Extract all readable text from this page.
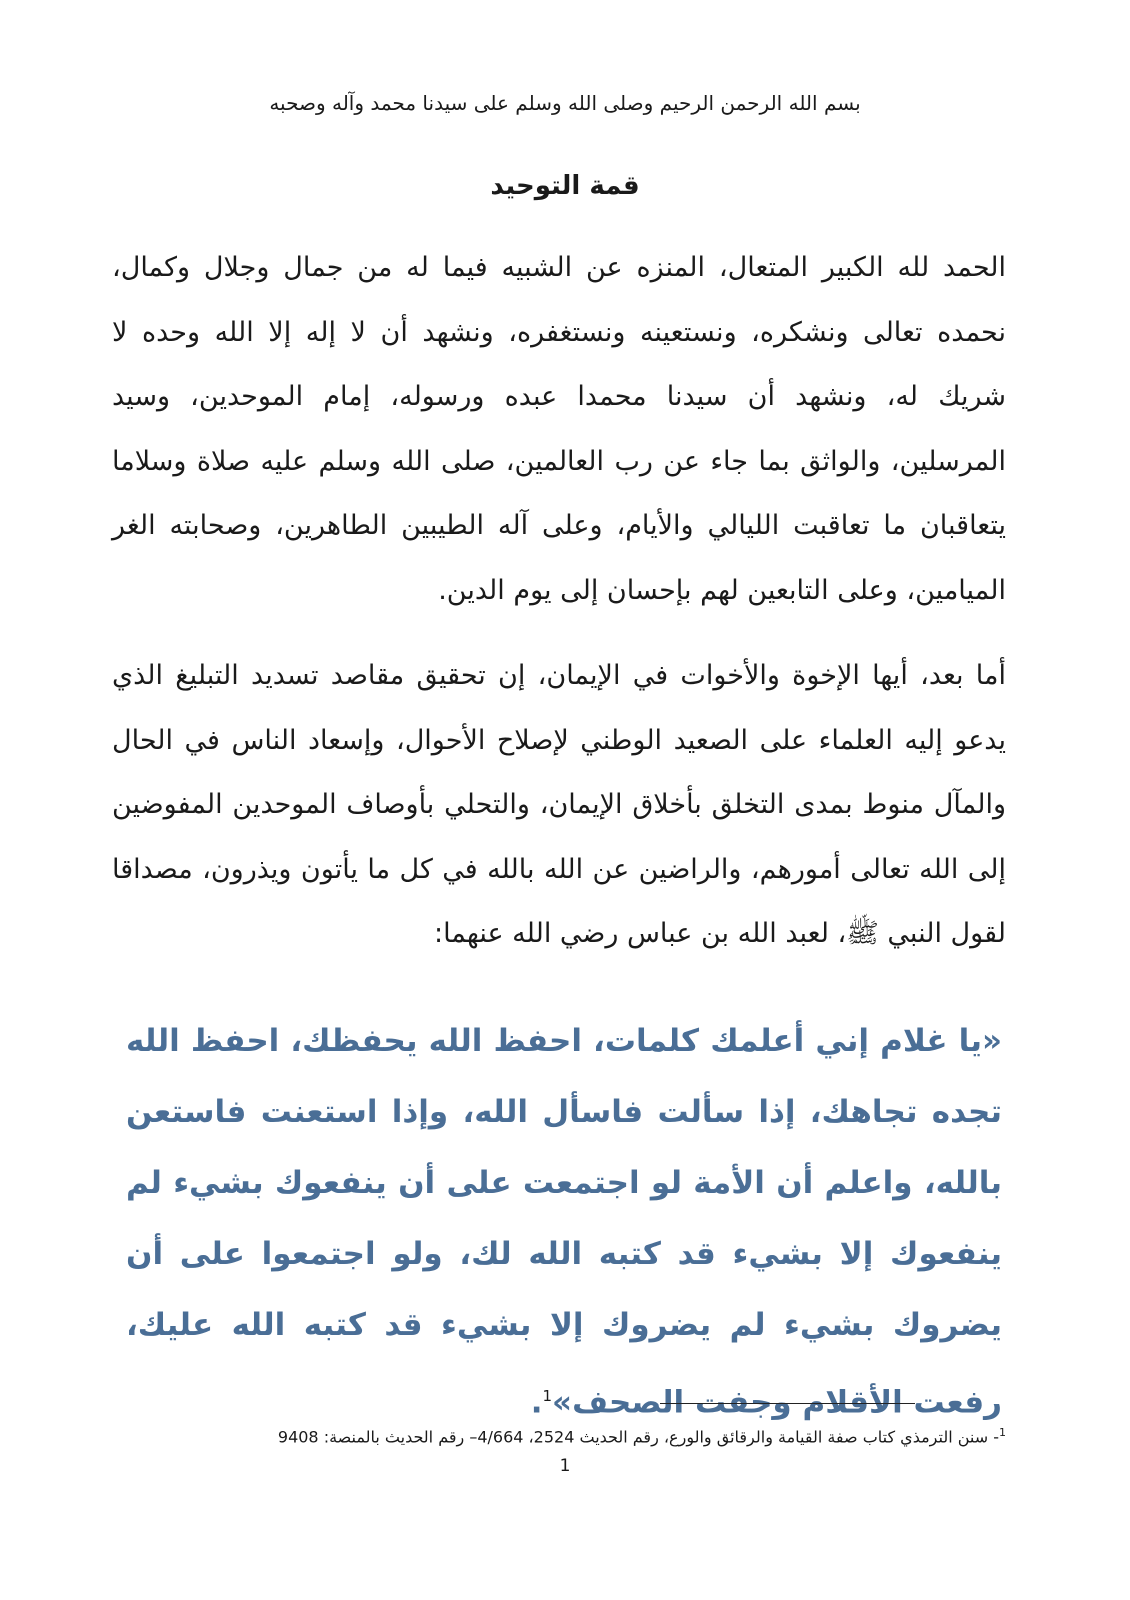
بسم الله الرحمن الرحيم وصلى الله وسلم على سيدنا محمد وآله وصحبه
قمة التوحيد

الحمد لله الكبير المتعال، المنزه عن الشبيه فيما له من جمال وجلال وكمال، نحمده تعالى ونشكره، ونستعينه ونستغفره، ونشهد أن لا إله إلا الله وحده لا شريك له، ونشهد أن سيدنا محمدا عبده ورسوله، إمام الموحدين، وسيد المرسلين، والواثق بما جاء عن رب العالمين، صلى الله وسلم عليه صلاة وسلاما يتعاقبان ما تعاقبت الليالي والأيام، وعلى آله الطيبين الطاهرين، وصحابته الغر الميامين، وعلى التابعين لهم بإحسان إلى يوم الدين.

أما بعد، أيها الإخوة والأخوات في الإيمان، إن تحقيق مقاصد تسديد التبليغ الذي يدعو إليه العلماء على الصعيد الوطني لإصلاح الأحوال، وإسعاد الناس في الحال والمآل منوط بمدى التخلق بأخلاق الإيمان، والتحلي بأوصاف الموحدين المفوضين إلى الله تعالى أمورهم، والراضين عن الله بالله في كل ما يأتون ويذرون، مصداقا لقول النبي ﷺ، لعبد الله بن عباس رضي الله عنهما:

«يا غلام إني أعلمك كلمات، احفظ الله يحفظك، احفظ الله تجده تجاهك، إذا سألت فاسأل الله، وإذا استعنت فاستعن بالله، واعلم أن الأمة لو اجتمعت على أن ينفعوك بشيء لم ينفعوك إلا بشيء قد كتبه الله لك، ولو اجتمعوا على أن يضروك بشيء لم يضروك إلا بشيء قد كتبه الله عليك، رفعت الأقلام وجفت الصحف»$^1$.

$^1$- سنن الترمذي كتاب صفة القيامة والرقائق والورع، رقم الحديث 2524، 4/664– رقم الحديث بالمنصة: 9408
1
